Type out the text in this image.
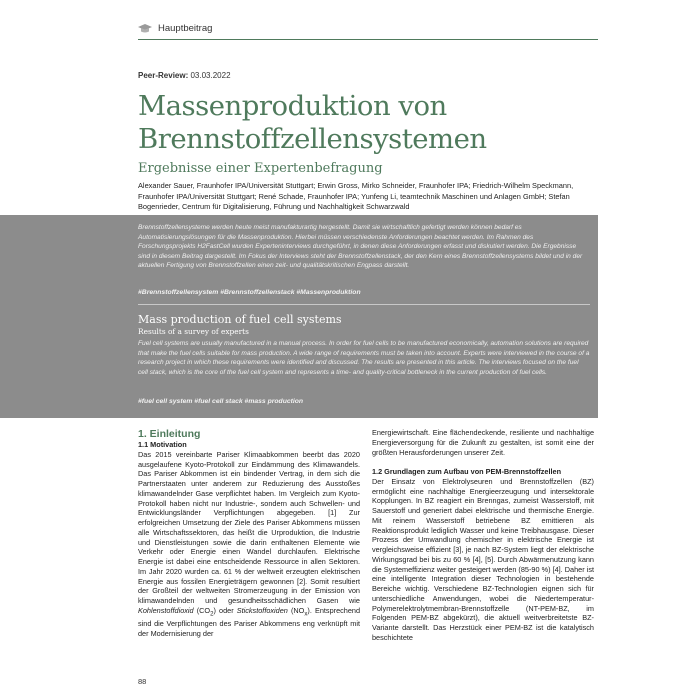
Hauptbeitrag
Peer-Review: 03.03.2022
Massenproduktion von
Brennstoffzellensystemen
Ergebnisse einer Expertenbefragung
Alexander Sauer, Fraunhofer IPA/Universität Stuttgart; Erwin Gross, Mirko Schneider, Fraunhofer IPA; Friedrich-Wilhelm Speckmann, Fraunhofer IPA/Universität Stuttgart; René Schade, Fraunhofer IPA; Yunfeng Li, teamtechnik Maschinen und Anlagen GmbH; Stefan Bogenrieder, Centrum für Digitalisierung, Führung und Nachhaltigkeit Schwarzwald
Brennstoffzellensysteme werden heute meist manufakturartig hergestellt. Damit sie wirtschaftlich gefertigt werden können bedarf es Automatisierungslösungen für die Massenproduktion. Hierbei müssen verschiedenste Anforderungen beachtet werden. Im Rahmen des Forschungsprojekts H2FastCell wurden Experteninterviews durchgeführt, in denen diese Anforderungen erfasst und diskutiert werden. Die Ergebnisse sind in diesem Beitrag dargestellt. Im Fokus der Interviews steht der Brennstoffzellenstack, der den Kern eines Brennstoffzellensystems bildet und in der aktuellen Fertigung von Brennstoffzellen einen zeit- und qualitätskritischen Engpass darstellt.
#Brennstoffzellensystem #Brennstoffzellenstack #Massenproduktion
Mass production of fuel cell systems
Results of a survey of experts
Fuel cell systems are usually manufactured in a manual process. In order for fuel cells to be manufactured economically, automation solutions are required that make the fuel cells suitable for mass production. A wide range of requirements must be taken into account. Experts were interviewed in the course of a research project in which these requirements were identified and discussed. The results are presented in this article. The interviews focused on the fuel cell stack, which is the core of the fuel cell system and represents a time- and quality-critical bottleneck in the current production of fuel cells.
#fuel cell system #fuel cell stack #mass production
1. Einleitung
1.1 Motivation

Das 2015 vereinbarte Pariser Klimaabkommen beerbt das 2020 ausgelaufene Kyoto-Protokoll zur Eindämmung des Klimawandels. Das Pariser Abkommen ist ein bindender Vertrag, in dem sich die Partnerstaaten unter anderem zur Reduzierung des Ausstoßes klimawandelnder Gase verpflichtet haben. Im Vergleich zum Kyoto-Protokoll haben nicht nur Industrie-, sondern auch Schwellen- und Entwicklungsländer Verpflichtungen abgegeben. [1] Zur erfolgreichen Umsetzung der Ziele des Pariser Abkommens müssen alle Wirtschaftssektoren, das heißt die Urproduktion, die Industrie und Dienstleistungen sowie die darin enthaltenen Elemente wie Verkehr oder Energie einen Wandel durchlaufen. Elektrische Energie ist dabei eine entscheidende Ressource in allen Sektoren. Im Jahr 2020 wurden ca. 61 % der weltweit erzeugten elektrischen Energie aus fossilen Energieträgern gewonnen [2]. Somit resultiert der Großteil der weltweiten Stromerzeugung in der Emission von klimawandelnden und gesundheitsschädlichen Gasen wie Kohlenstoffdioxid $(CO_2)$ oder Stickstoffoxiden $(NO_x)$. Entsprechend sind die Verpflichtungen des Pariser Abkommens eng verknüpft mit der Modernisierung der

Energiewirtschaft. Eine flächendeckende, resiliente und nachhaltige Energieversorgung für die Zukunft zu gestalten, ist somit eine der größten Herausforderungen unserer Zeit.

1.2 Grundlagen zum Aufbau von PEM-Brennstoffzellen

Der Einsatz von Elektrolyseuren und Brennstoffzellen (BZ) ermöglicht eine nachhaltige Energieerzeugung und intersektorale Kopplungen. In BZ reagiert ein Brenngas, zumeist Wasserstoff, mit Sauerstoff und generiert dabei elektrische und thermische Energie. Mit reinem Wasserstoff betriebene BZ emittieren als Reaktionsprodukt lediglich Wasser und keine Treibhausgase. Dieser Prozess der Umwandlung chemischer in elektrische Energie ist vergleichsweise effizient [3], je nach BZ-System liegt der elektrische Wirkungsgrad bei bis zu 60 % [4], [5]. Durch Abwärmenutzung kann die Systemeffizienz weiter gesteigert werden (85-90 %) [4]. Daher ist eine intelligente Integration dieser Technologien in bestehende Bereiche wichtig. Verschiedene BZ-Technologien eignen sich für unterschiedliche Anwendungen, wobei die Niedertemperatur-Polymerelektrolytmembran-Brennstoffzelle (NT-PEM-BZ, im Folgenden PEM-BZ abgekürzt), die aktuell weitverbreitetste BZ-Variante darstellt. Das Herzstück einer PEM-BZ ist die katalytisch beschichtete

88
